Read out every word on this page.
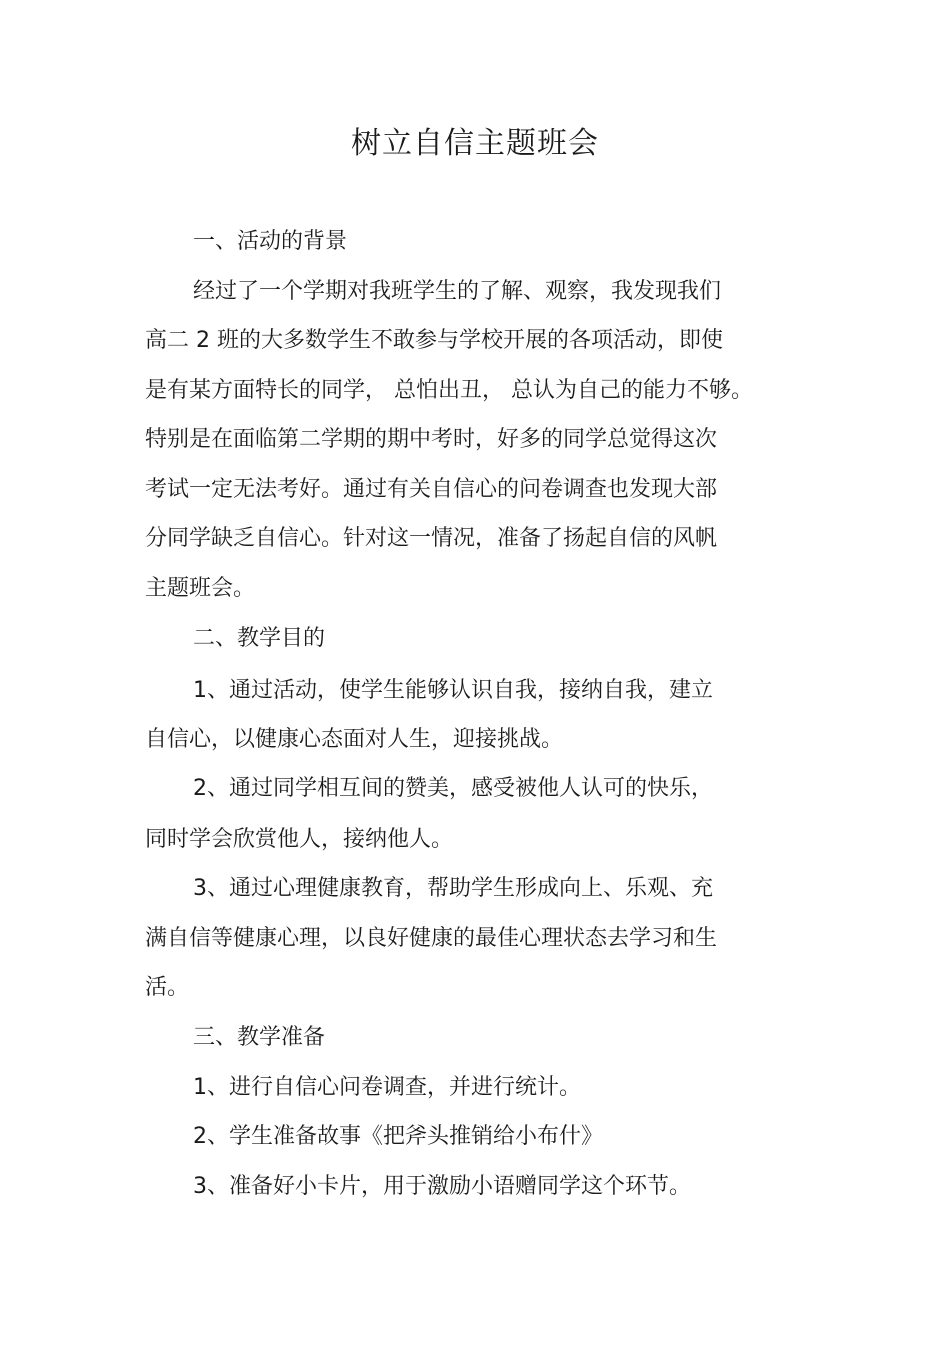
树立自信主题班会
一、活动的背景
经过了一个学期对我班学生的了解、观察，我发现我们
高二 2 班的大多数学生不敢参与学校开展的各项活动，即使
是有某方面特长的同学， 总怕出丑， 总认为自己的能力不够。
特别是在面临第二学期的期中考时，好多的同学总觉得这次
考试一定无法考好。通过有关自信心的问卷调查也发现大部
分同学缺乏自信心。针对这一情况，准备了扬起自信的风帆
主题班会。
二、教学目的
1、通过活动，使学生能够认识自我，接纳自我，建立
自信心，以健康心态面对人生，迎接挑战。
2、通过同学相互间的赞美，感受被他人认可的快乐，
同时学会欣赏他人，接纳他人。
3、通过心理健康教育，帮助学生形成向上、乐观、充
满自信等健康心理，以良好健康的最佳心理状态去学习和生
活。
三、教学准备
1、进行自信心问卷调查，并进行统计。
2、学生准备故事《把斧头推销给小布什》
3、准备好小卡片，用于激励小语赠同学这个环节。
